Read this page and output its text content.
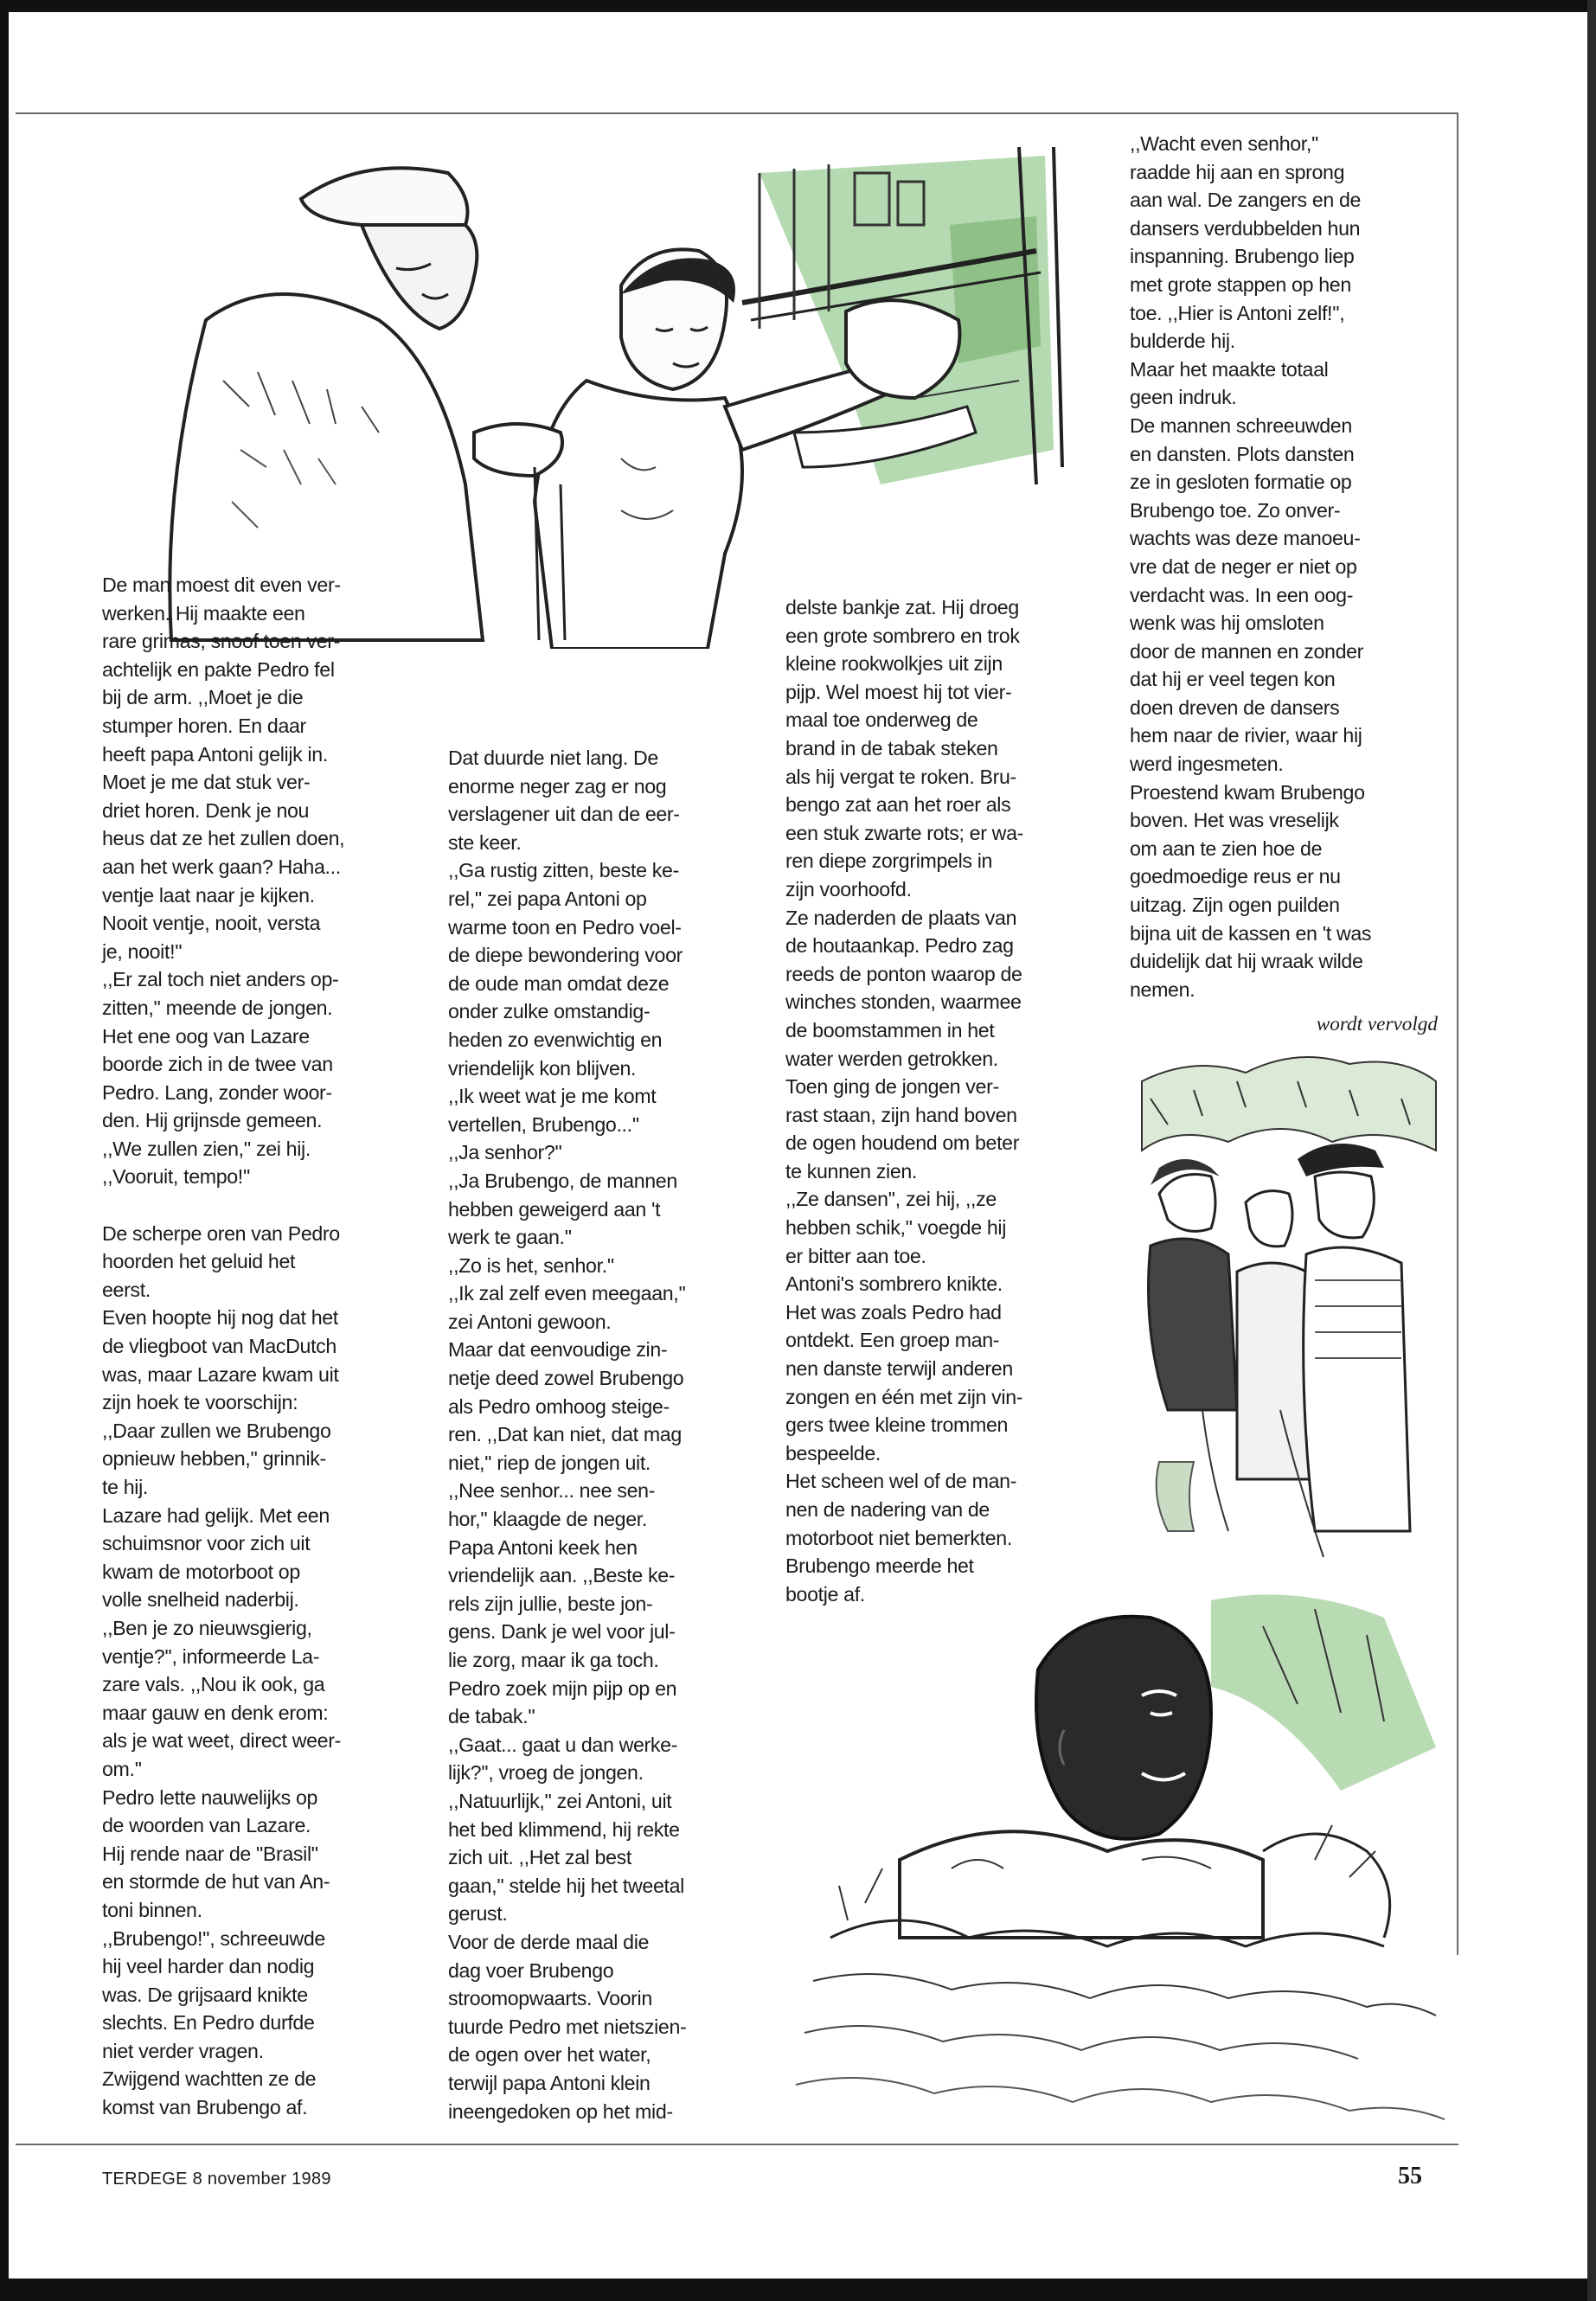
De man moest dit even ver-
werken. Hij maakte een
rare grimas, snoof toen ver-
achtelijk en pakte Pedro fel
bij de arm. ,,Moet je die
stumper horen. En daar
heeft papa Antoni gelijk in.
Moet je me dat stuk ver-
driet horen. Denk je nou
heus dat ze het zullen doen,
aan het werk gaan? Haha...
ventje laat naar je kijken.
Nooit ventje, nooit, versta
je, nooit!''
,,Er zal toch niet anders op-
zitten,'' meende de jongen.
Het ene oog van Lazare
boorde zich in de twee van
Pedro. Lang, zonder woor-
den. Hij grijnsde gemeen.
,,We zullen zien,'' zei hij.
,,Vooruit, tempo!''

De scherpe oren van Pedro
hoorden het geluid het
eerst.
Even hoopte hij nog dat het
de vliegboot van MacDutch
was, maar Lazare kwam uit
zijn hoek te voorschijn:
,,Daar zullen we Brubengo
opnieuw hebben,'' grinnik-
te hij.
Lazare had gelijk. Met een
schuimsnor voor zich uit
kwam de motorboot op
volle snelheid naderbij.
,,Ben je zo nieuwsgierig,
ventje?'', informeerde La-
zare vals. ,,Nou ik ook, ga
maar gauw en denk erom:
als je wat weet, direct weer-
om.''
Pedro lette nauwelijks op
de woorden van Lazare.
Hij rende naar de "Brasil"
en stormde de hut van An-
toni binnen.
,,Brubengo!'', schreeuwde
hij veel harder dan nodig
was. De grijsaard knikte
slechts. En Pedro durfde
niet verder vragen.
Zwijgend wachtten ze de
komst van Brubengo af.

Dat duurde niet lang. De
enorme neger zag er nog
verslagener uit dan de eer-
ste keer.
,,Ga rustig zitten, beste ke-
rel,'' zei papa Antoni op
warme toon en Pedro voel-
de diepe bewondering voor
de oude man omdat deze
onder zulke omstandig-
heden zo evenwichtig en
vriendelijk kon blijven.
,,Ik weet wat je me komt
vertellen, Brubengo...''
,,Ja senhor?''
,,Ja Brubengo, de mannen
hebben geweigerd aan 't
werk te gaan.''
,,Zo is het, senhor.''
,,Ik zal zelf even meegaan,''
zei Antoni gewoon.
Maar dat eenvoudige zin-
netje deed zowel Brubengo
als Pedro omhoog steige-
ren. ,,Dat kan niet, dat mag
niet,'' riep de jongen uit.
,,Nee senhor... nee sen-
hor,'' klaagde de neger.
Papa Antoni keek hen
vriendelijk aan. ,,Beste ke-
rels zijn jullie, beste jon-
gens. Dank je wel voor jul-
lie zorg, maar ik ga toch.
Pedro zoek mijn pijp op en
de tabak.''
,,Gaat... gaat u dan werke-
lijk?'', vroeg de jongen.
,,Natuurlijk,'' zei Antoni, uit
het bed klimmend, hij rekte
zich uit. ,,Het zal best
gaan,'' stelde hij het tweetal
gerust.
Voor de derde maal die
dag voer Brubengo
stroomopwaarts. Voorin
tuurde Pedro met nietszien-
de ogen over het water,
terwijl papa Antoni klein
ineengedoken op het mid-

delste bankje zat. Hij droeg
een grote sombrero en trok
kleine rookwolkjes uit zijn
pijp. Wel moest hij tot vier-
maal toe onderweg de
brand in de tabak steken
als hij vergat te roken. Bru-
bengo zat aan het roer als
een stuk zwarte rots; er wa-
ren diepe zorgrimpels in
zijn voorhoofd.
Ze naderden de plaats van
de houtaankap. Pedro zag
reeds de ponton waarop de
winches stonden, waarmee
de boomstammen in het
water werden getrokken.
Toen ging de jongen ver-
rast staan, zijn hand boven
de ogen houdend om beter
te kunnen zien.
,,Ze dansen'', zei hij, ,,ze
hebben schik,'' voegde hij
er bitter aan toe.
Antoni's sombrero knikte.
Het was zoals Pedro had
ontdekt. Een groep man-
nen danste terwijl anderen
zongen en één met zijn vin-
gers twee kleine trommen
bespeelde.
Het scheen wel of de man-
nen de nadering van de
motorboot niet bemerkten.
Brubengo meerde het
bootje af.

,,Wacht even senhor,''
raadde hij aan en sprong
aan wal. De zangers en de
dansers verdubbelden hun
inspanning. Brubengo liep
met grote stappen op hen
toe. ,,Hier is Antoni zelf!'',
bulderde hij.
Maar het maakte totaal
geen indruk.
De mannen schreeuwden
en dansten. Plots dansten
ze in gesloten formatie op
Brubengo toe. Zo onver-
wachts was deze manoeu-
vre dat de neger er niet op
verdacht was. In een oog-
wenk was hij omsloten
door de mannen en zonder
dat hij er veel tegen kon
doen dreven de dansers
hem naar de rivier, waar hij
werd ingesmeten.
Proestend kwam Brubengo
boven. Het was vreselijk
om aan te zien hoe de
goedmoedige reus er nu
uitzag. Zijn ogen puilden
bijna uit de kassen en 't was
duidelijk dat hij wraak wilde
nemen.

wordt vervolgd
TERDEGE 8 november 1989	55
